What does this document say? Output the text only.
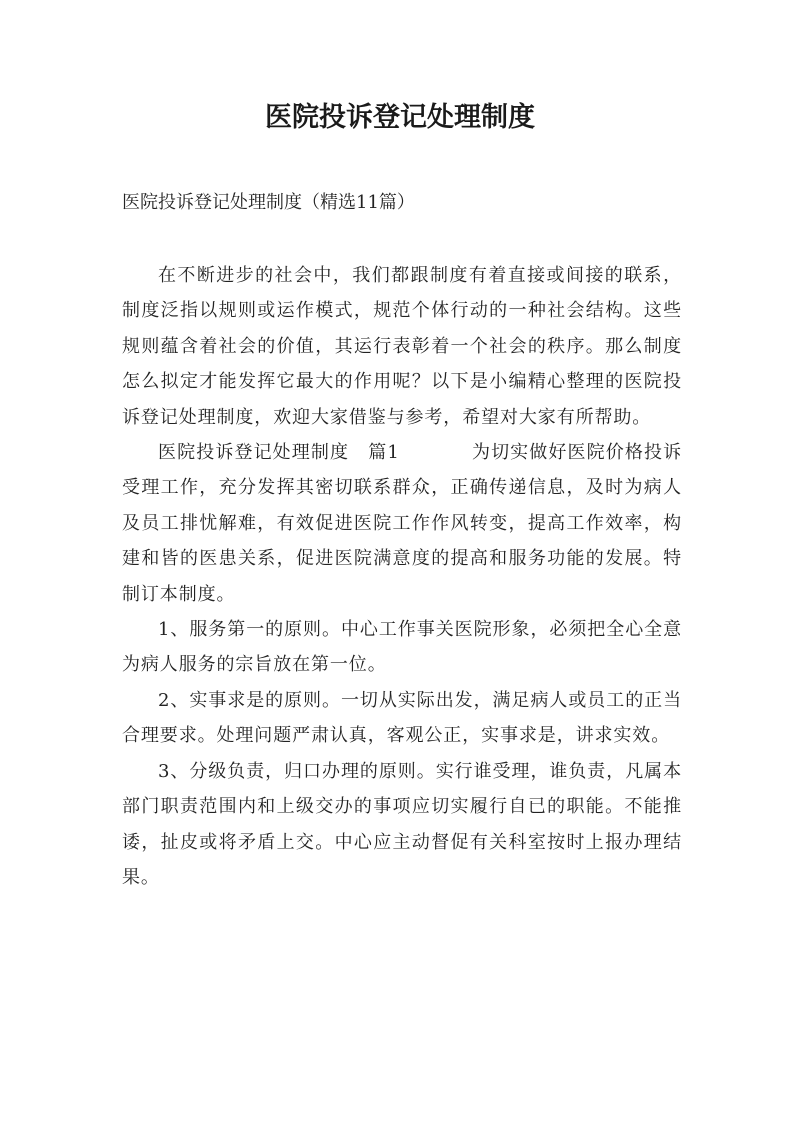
医院投诉登记处理制度

医院投诉登记处理制度（精选11篇）

在不断进步的社会中，我们都跟制度有着直接或间接的联系，制度泛指以规则或运作模式，规范个体行动的一种社会结构。这些规则蕴含着社会的价值，其运行表彰着一个社会的秩序。那么制度怎么拟定才能发挥它最大的作用呢？以下是小编精心整理的医院投诉登记处理制度，欢迎大家借鉴与参考，希望对大家有所帮助。

医院投诉登记处理制度　篇1	为切实做好医院价格投诉受理工作，充分发挥其密切联系群众，正确传递信息，及时为病人及员工排忧解难，有效促进医院工作作风转变，提高工作效率，构建和皆的医患关系，促进医院满意度的提高和服务功能的发展。特制订本制度。

1、服务第一的原则。中心工作事关医院形象，必须把全心全意为病人服务的宗旨放在第一位。

2、实事求是的原则。一切从实际出发，满足病人或员工的正当合理要求。处理问题严肃认真，客观公正，实事求是，讲求实效。

3、分级负责，归口办理的原则。实行谁受理，谁负责，凡属本部门职责范围内和上级交办的事项应切实履行自已的职能。不能推诿，扯皮或将矛盾上交。中心应主动督促有关科室按时上报办理结果。
